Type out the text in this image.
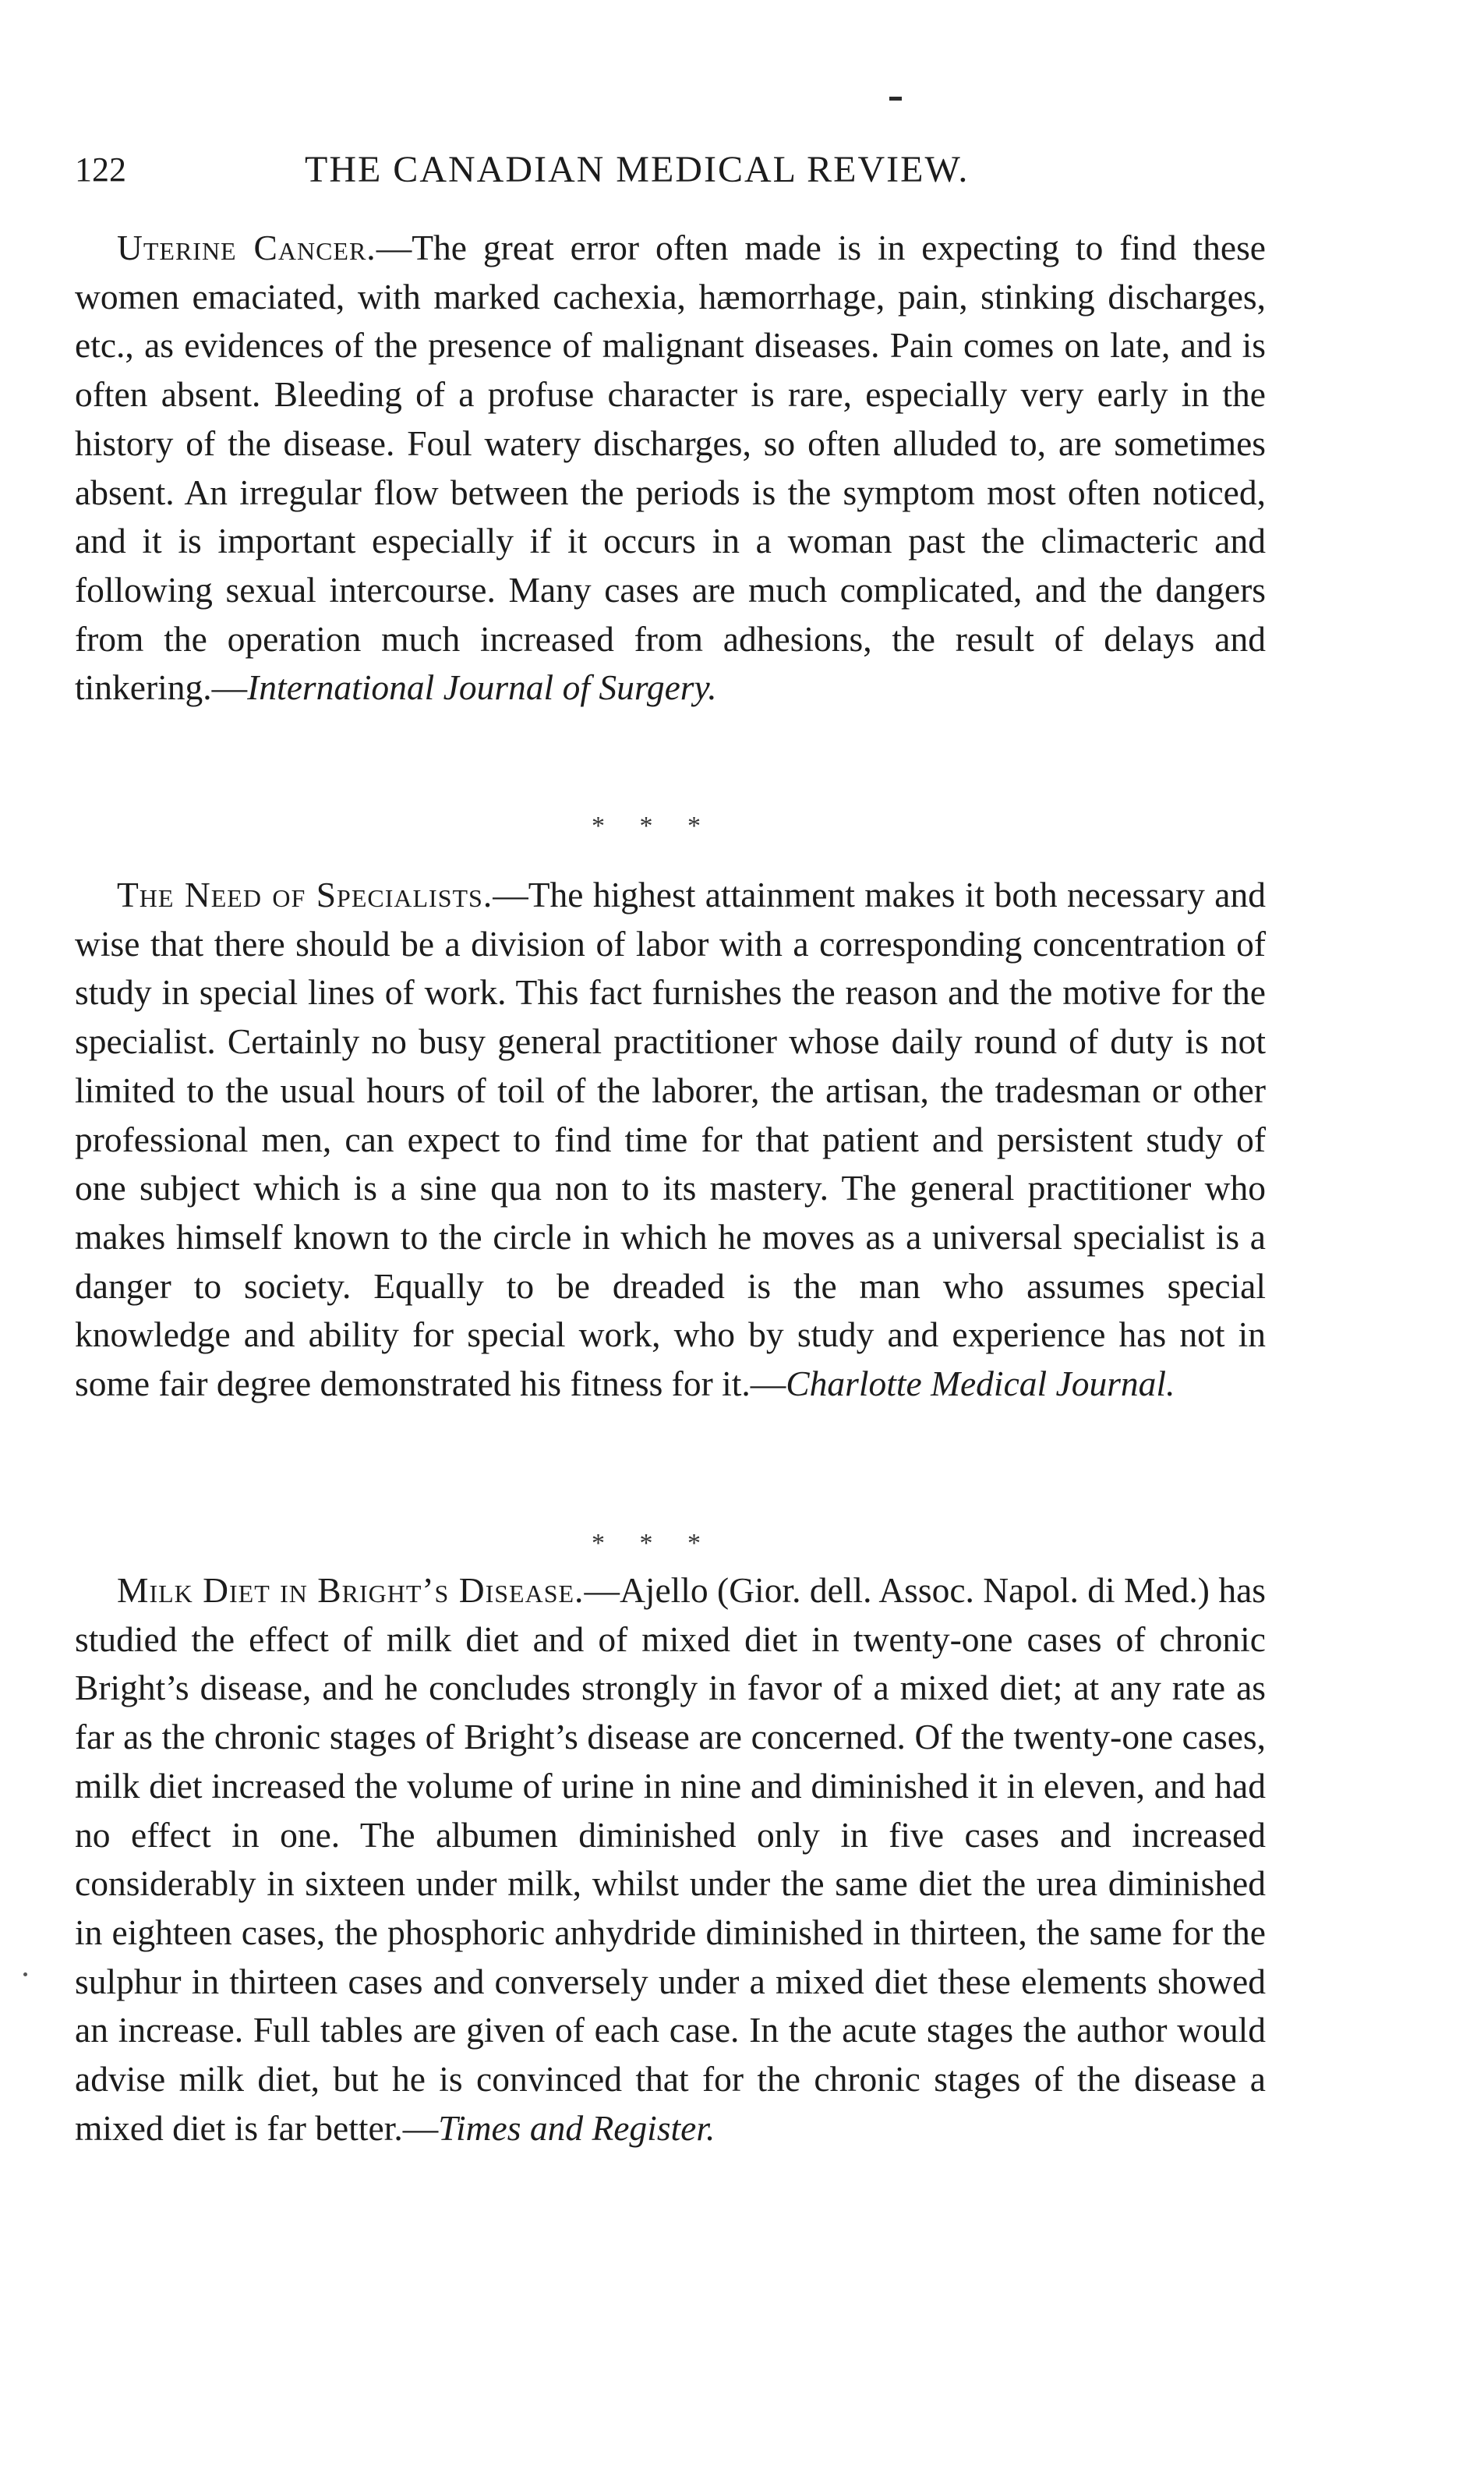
122	THE CANADIAN MEDICAL REVIEW.

Uterine Cancer.—The great error often made is in expecting to find these women emaciated, with marked cachexia, hæmorrhage, pain, stinking discharges, etc., as evidences of the presence of malignant diseases. Pain comes on late, and is often absent. Bleeding of a profuse character is rare, especially very early in the history of the disease. Foul watery discharges, so often alluded to, are sometimes absent. An irregular flow between the periods is the symptom most often noticed, and it is important especially if it occurs in a woman past the climacteric and following sexual intercourse. Many cases are much complicated, and the dangers from the operation much increased from adhesions, the result of delays and tinkering.—International Journal of Surgery.

* * *

The Need of Specialists.—The highest attainment makes it both necessary and wise that there should be a division of labor with a corresponding concentration of study in special lines of work. This fact furnishes the reason and the motive for the specialist. Certainly no busy general practitioner whose daily round of duty is not limited to the usual hours of toil of the laborer, the artisan, the tradesman or other professional men, can expect to find time for that patient and persistent study of one subject which is a sine qua non to its mastery. The general practitioner who makes himself known to the circle in which he moves as a universal specialist is a danger to society. Equally to be dreaded is the man who assumes special knowledge and ability for special work, who by study and experience has not in some fair degree demonstrated his fitness for it.—Charlotte Medical Journal.

* * *

Milk Diet in Bright’s Disease.—Ajello (Gior. dell. Assoc. Napol. di Med.) has studied the effect of milk diet and of mixed diet in twenty-one cases of chronic Bright’s disease, and he concludes strongly in favor of a mixed diet; at any rate as far as the chronic stages of Bright’s disease are concerned. Of the twenty-one cases, milk diet increased the volume of urine in nine and diminished it in eleven, and had no effect in one. The albumen diminished only in five cases and increased considerably in sixteen under milk, whilst under the same diet the urea diminished in eighteen cases, the phosphoric anhydride diminished in thirteen, the same for the sulphur in thirteen cases and conversely under a mixed diet these elements showed an increase. Full tables are given of each case. In the acute stages the author would advise milk diet, but he is convinced that for the chronic stages of the disease a mixed diet is far better.—Times and Register.
